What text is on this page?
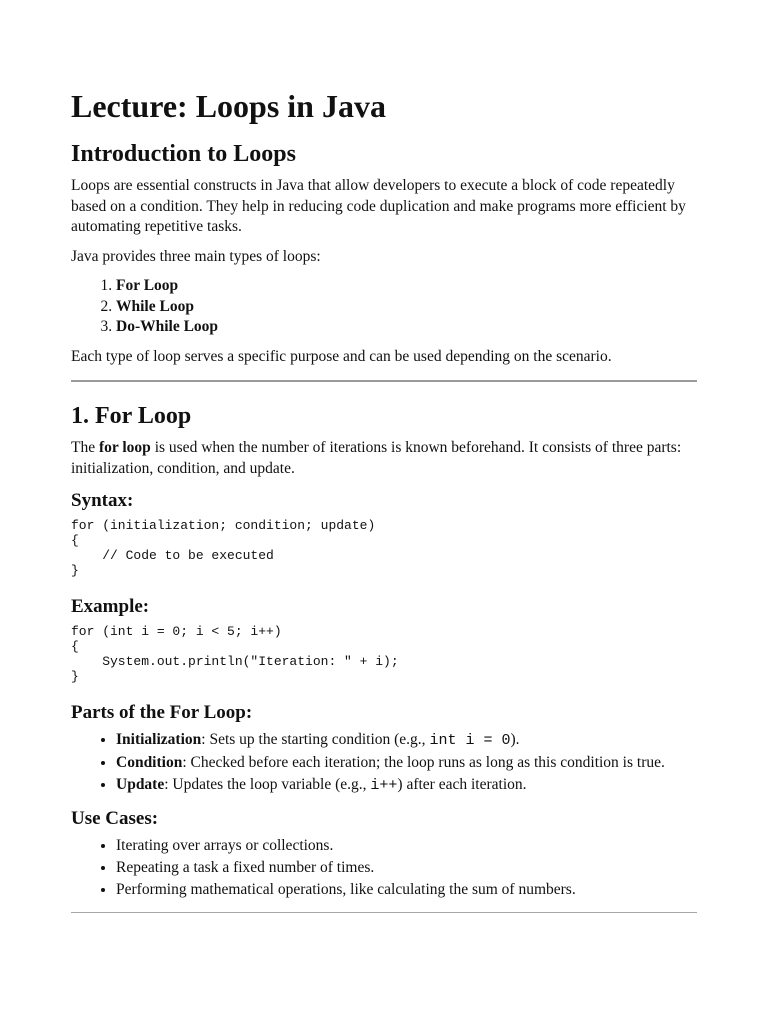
Lecture: Loops in Java
Introduction to Loops

Loops are essential constructs in Java that allow developers to execute a block of code repeatedly based on a condition. They help in reducing code duplication and make programs more efficient by automating repetitive tasks.

Java provides three main types of loops:

1. For Loop
2. While Loop
3. Do-While Loop

Each type of loop serves a specific purpose and can be used depending on the scenario.

1. For Loop

The for loop is used when the number of iterations is known beforehand. It consists of three parts: initialization, condition, and update.

Syntax:
for (initialization; condition; update)
{
// Code to be executed
}
Example:
for (int i = 0; i < 5; i++)
{
System.out.println("Iteration: " + i);
}
Parts of the For Loop:
• Initialization: Sets up the starting condition (e.g., int i = 0).
• Condition: Checked before each iteration; the loop runs as long as this condition is true.
• Update: Updates the loop variable (e.g., i++) after each iteration.
Use Cases:
• Iterating over arrays or collections.
• Repeating a task a fixed number of times.
• Performing mathematical operations, like calculating the sum of numbers.
